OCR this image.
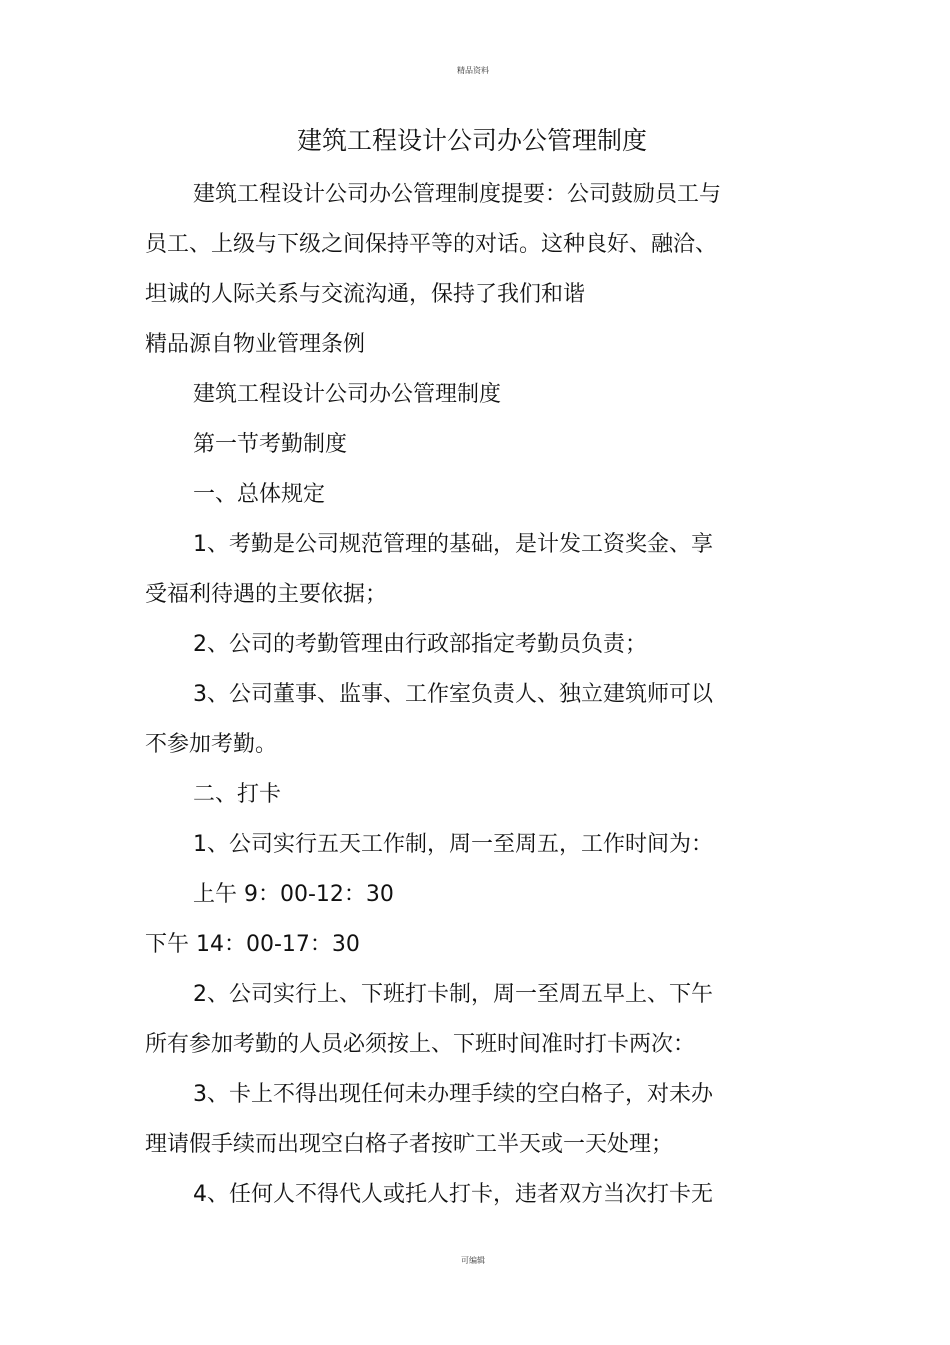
精品资料
建筑工程设计公司办公管理制度

建筑工程设计公司办公管理制度提要：公司鼓励员工与

员工、上级与下级之间保持平等的对话。这种良好、融洽、

坦诚的人际关系与交流沟通，保持了我们和谐

精品源自物业管理条例

建筑工程设计公司办公管理制度

第一节考勤制度

一、总体规定

1、考勤是公司规范管理的基础，是计发工资奖金、享

受福利待遇的主要依据；

2、公司的考勤管理由行政部指定考勤员负责；

3、公司董事、监事、工作室负责人、独立建筑师可以

不参加考勤。

二、打卡

1、公司实行五天工作制，周一至周五，工作时间为：

上午 9：00-12：30

下午 14：00-17：30

2、公司实行上、下班打卡制，周一至周五早上、下午

所有参加考勤的人员必须按上、下班时间准时打卡两次：

3、卡上不得出现任何未办理手续的空白格子，对未办

理请假手续而出现空白格子者按旷工半天或一天处理；

4、任何人不得代人或托人打卡，违者双方当次打卡无

可编辑
